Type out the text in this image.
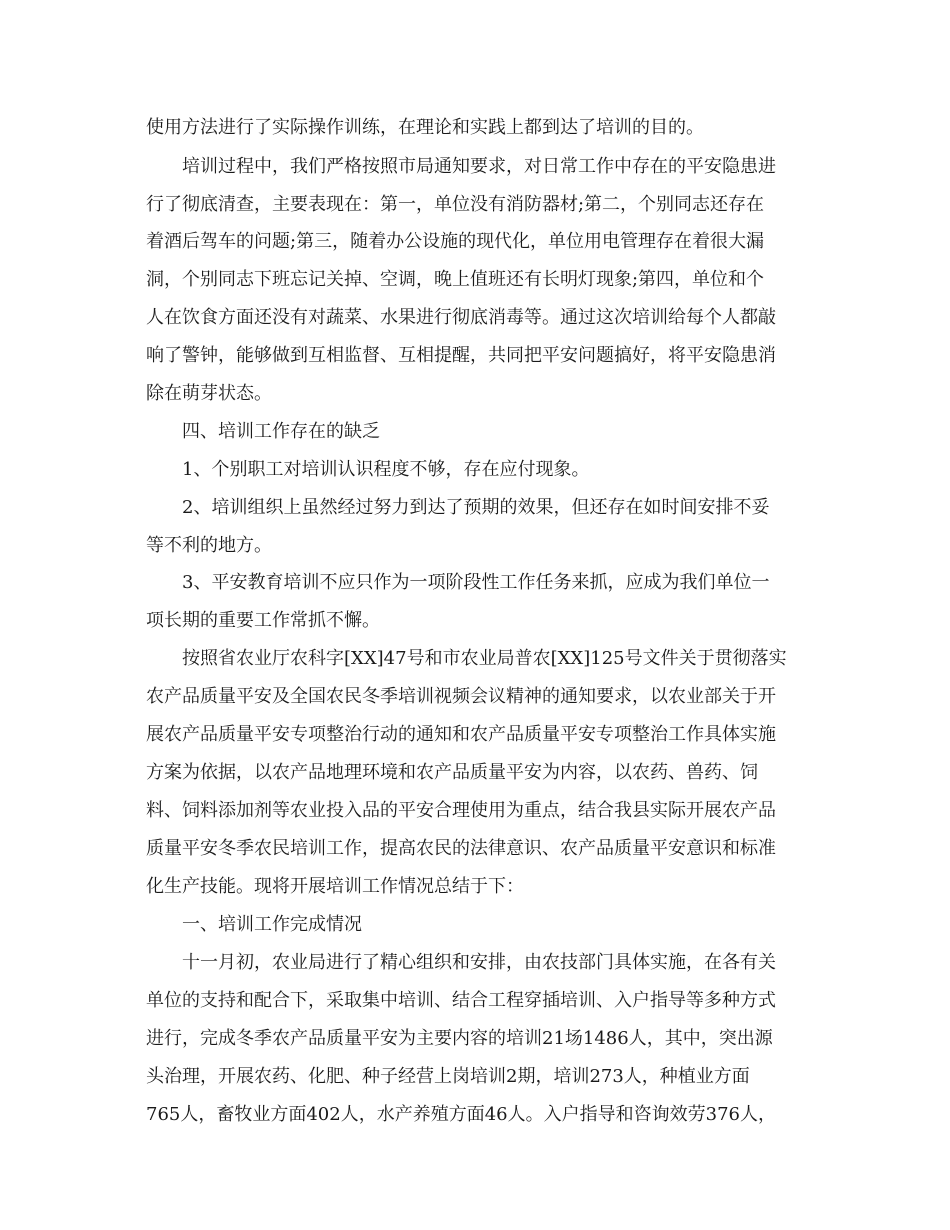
使用方法进行了实际操作训练，在理论和实践上都到达了培训的目的。

培训过程中，我们严格按照市局通知要求，对日常工作中存在的平安隐患进

行了彻底清查，主要表现在：第一，单位没有消防器材;第二，个别同志还存在

着酒后驾车的问题;第三，随着办公设施的现代化，单位用电管理存在着很大漏

洞，个别同志下班忘记关掉、空调，晚上值班还有长明灯现象;第四，单位和个

人在饮食方面还没有对蔬菜、水果进行彻底消毒等。通过这次培训给每个人都敲

响了警钟，能够做到互相监督、互相提醒，共同把平安问题搞好，将平安隐患消

除在萌芽状态。

四、培训工作存在的缺乏

1、个别职工对培训认识程度不够，存在应付现象。

2、培训组织上虽然经过努力到达了预期的效果，但还存在如时间安排不妥

等不利的地方。

3、平安教育培训不应只作为一项阶段性工作任务来抓，应成为我们单位一

项长期的重要工作常抓不懈。

按照省农业厅农科字[XX]47号和市农业局普农[XX]125号文件关于贯彻落实

农产品质量平安及全国农民冬季培训视频会议精神的通知要求，以农业部关于开

展农产品质量平安专项整治行动的通知和农产品质量平安专项整治工作具体实施

方案为依据，以农产品地理环境和农产品质量平安为内容，以农药、兽药、饲

料、饲料添加剂等农业投入品的平安合理使用为重点，结合我县实际开展农产品

质量平安冬季农民培训工作，提高农民的法律意识、农产品质量平安意识和标准

化生产技能。现将开展培训工作情况总结于下：

一、培训工作完成情况

十一月初，农业局进行了精心组织和安排，由农技部门具体实施，在各有关

单位的支持和配合下，采取集中培训、结合工程穿插培训、入户指导等多种方式

进行，完成冬季农产品质量平安为主要内容的培训21场1486人，其中，突出源

头治理，开展农药、化肥、种子经营上岗培训2期，培训273人，种植业方面

765人，畜牧业方面402人，水产养殖方面46人。入户指导和咨询效劳376人，
